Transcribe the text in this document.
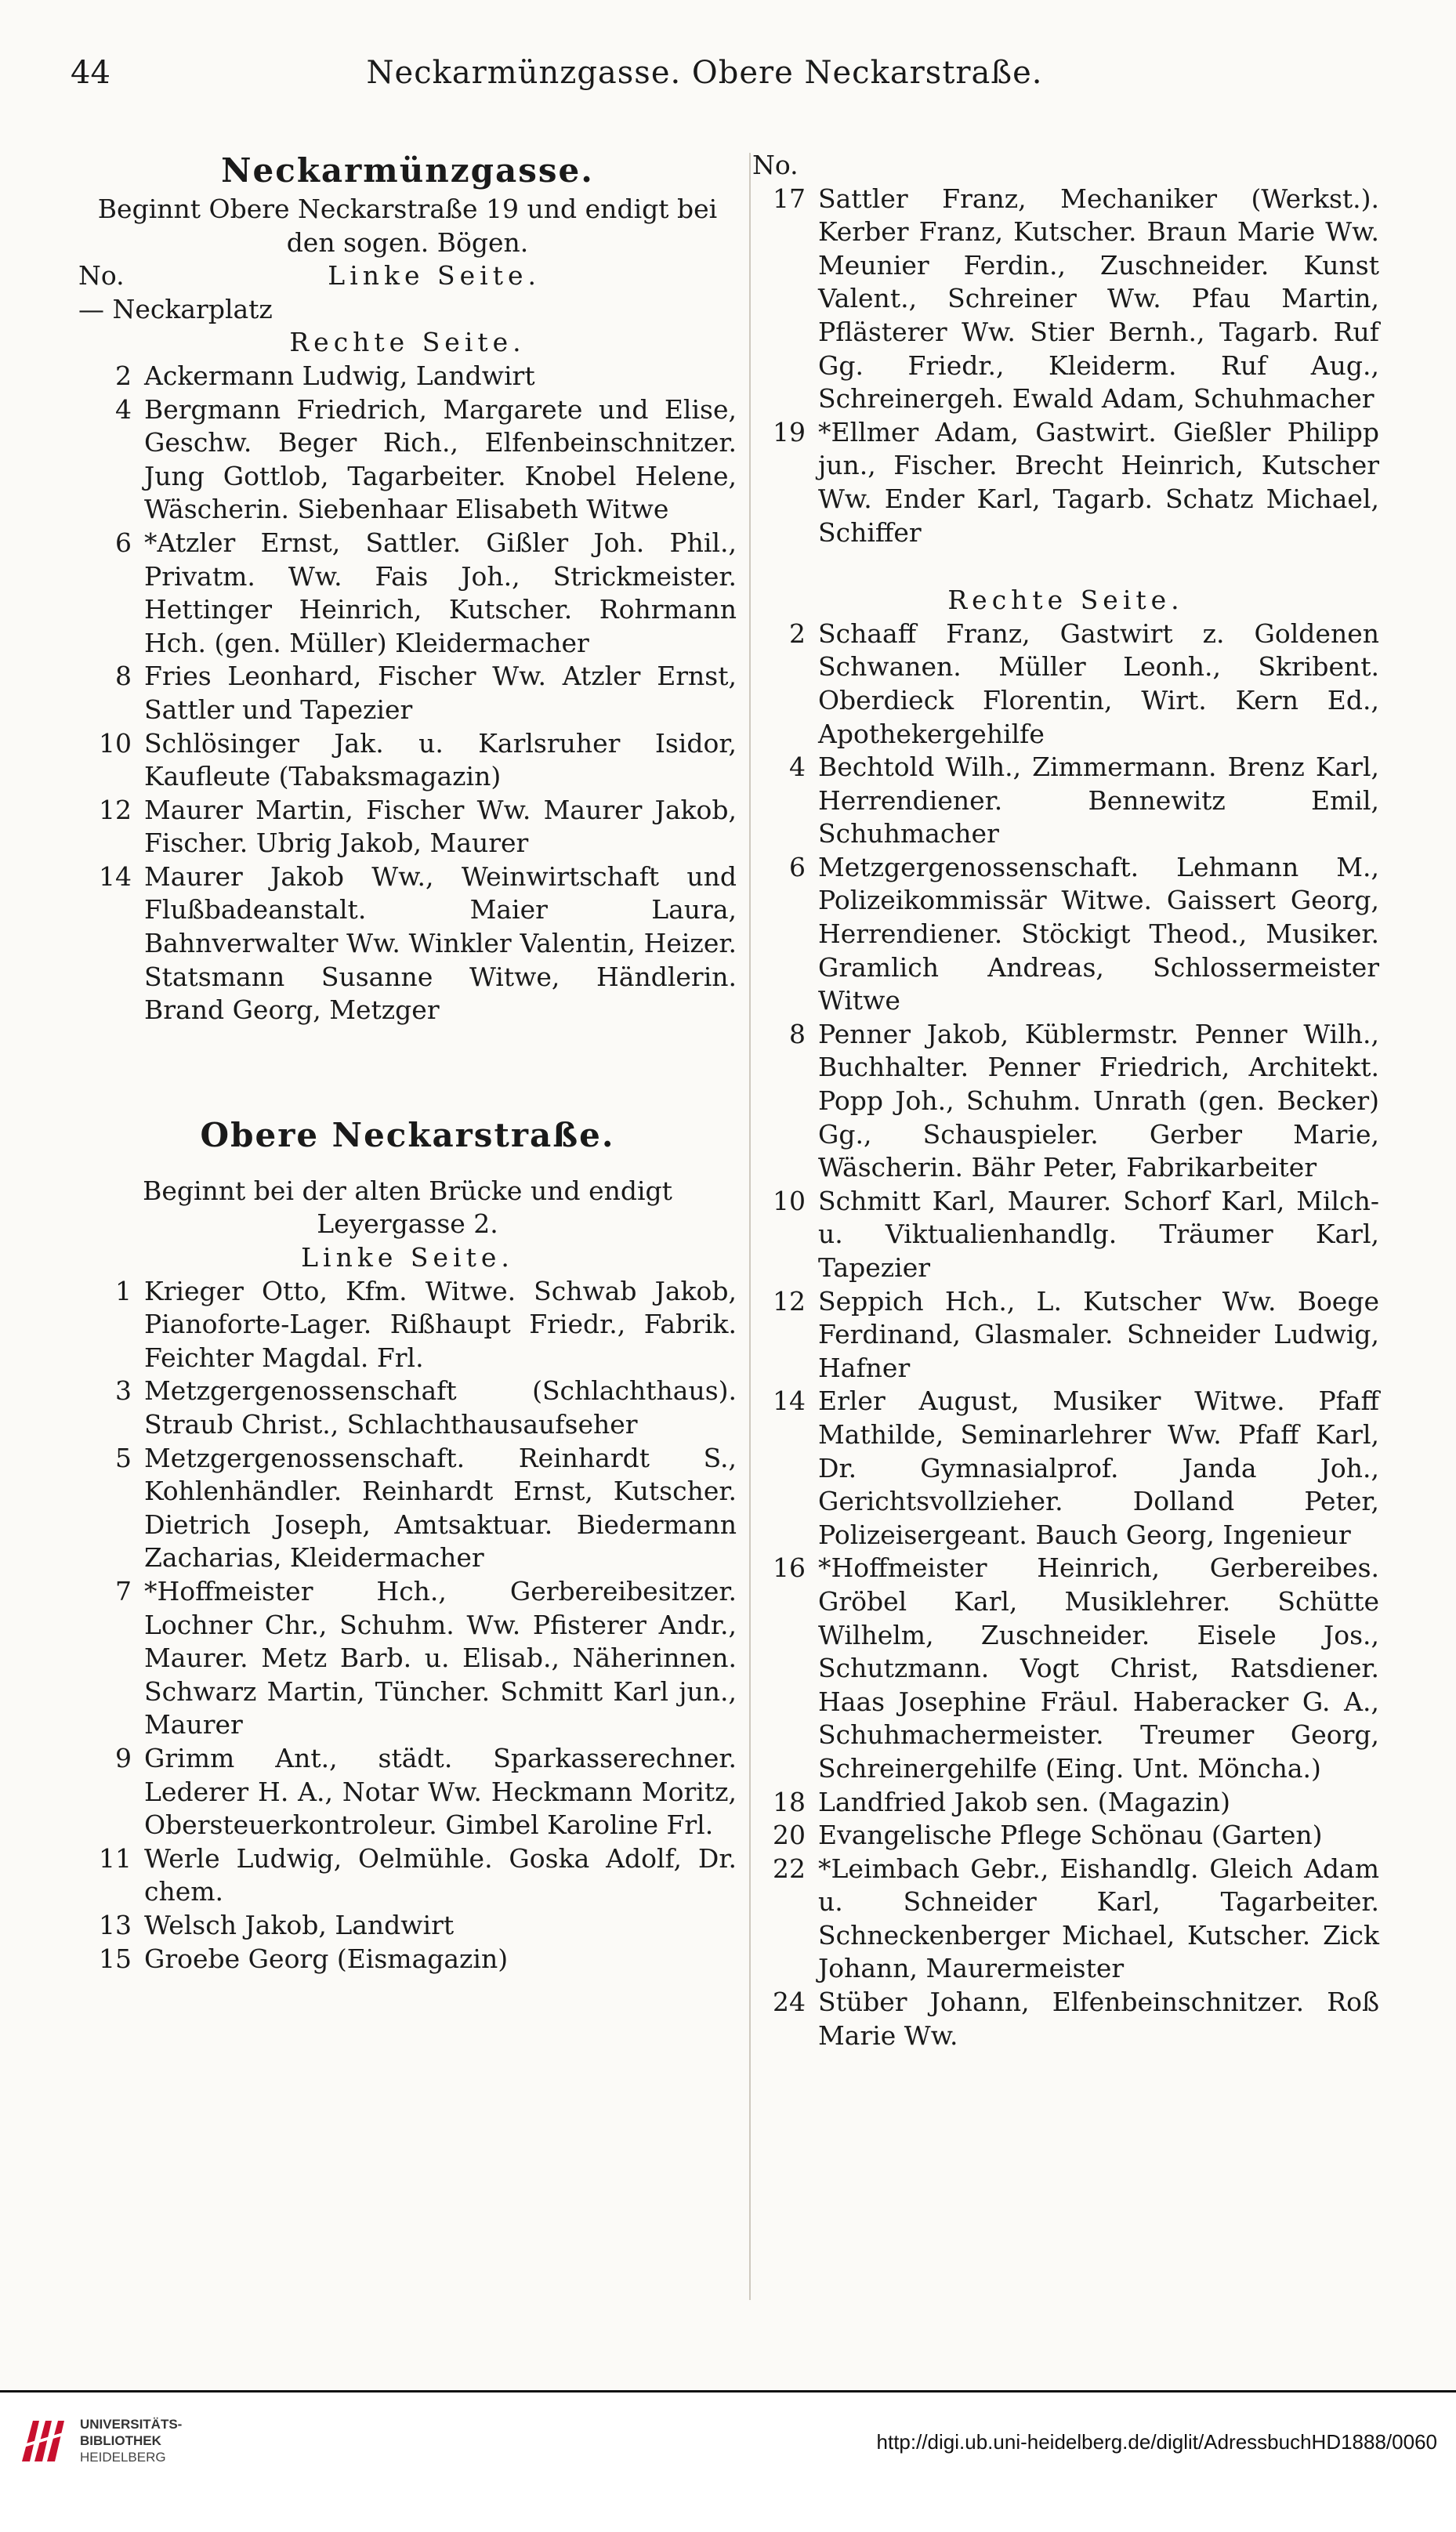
44	Neckarmünzgasse. Obere Neckarstraße.
Neckarmünzgasse.
Beginnt Obere Neckarstraße 19 und endigt bei den sogen. Bögen.
No.	Linke Seite.
— Neckarplatz
Rechte Seite.
2 Ackermann Ludwig, Landwirt
4 Bergmann Friedrich, Margarete und Elise, Geschw. Beger Rich., Elfenbeinschnitzer. Jung Gottlob, Tagarbeiter. Knobel Helene, Wäscherin. Siebenhaar Elisabeth Witwe
6 *Atzler Ernst, Sattler. Gißler Joh. Phil., Privatm. Ww. Fais Joh., Strickmeister. Hettinger Heinrich, Kutscher. Rohrmann Hch. (gen. Müller) Kleidermacher
8 Fries Leonhard, Fischer Ww. Atzler Ernst, Sattler und Tapezier
10 Schlösinger Jak. u. Karlsruher Isidor, Kaufleute (Tabaksmagazin)
12 Maurer Martin, Fischer Ww. Maurer Jakob, Fischer. Ubrig Jakob, Maurer
14 Maurer Jakob Ww., Weinwirtschaft und Flußbadeanstalt. Maier Laura, Bahnverwalter Ww. Winkler Valentin, Heizer. Statsmann Susanne Witwe, Händlerin. Brand Georg, Metzger
Obere Neckarstraße.
Beginnt bei der alten Brücke und endigt Leyergasse 2.
Linke Seite.
1 Krieger Otto, Kfm. Witwe. Schwab Jakob, Pianoforte-Lager. Rißhaupt Friedr., Fabrik. Feichter Magdal. Frl.
3 Metzgergenossenschaft (Schlachthaus). Straub Christ., Schlachthausaufseher
5 Metzgergenossenschaft. Reinhardt S., Kohlenhändler. Reinhardt Ernst, Kutscher. Dietrich Joseph, Amtsaktuar. Biedermann Zacharias, Kleidermacher
7 *Hoffmeister Hch., Gerbereibesitzer. Lochner Chr., Schuhm. Ww. Pfisterer Andr., Maurer. Metz Barb. u. Elisab., Näherinnen. Schwarz Martin, Tüncher. Schmitt Karl jun., Maurer
9 Grimm Ant., städt. Sparkasserechner. Lederer H. A., Notar Ww. Heckmann Moritz, Obersteuerkontroleur. Gimbel Karoline Frl.
11 Werle Ludwig, Oelmühle. Goska Adolf, Dr. chem.
13 Welsch Jakob, Landwirt
15 Groebe Georg (Eismagazin)
No.
17 Sattler Franz, Mechaniker (Werkst.). Kerber Franz, Kutscher. Braun Marie Ww. Meunier Ferdin., Zuschneider. Kunst Valent., Schreiner Ww. Pfau Martin, Pflästerer Ww. Stier Bernh., Tagarb. Ruf Gg. Friedr., Kleiderm. Ruf Aug., Schreinergeh. Ewald Adam, Schuhmacher
19 *Ellmer Adam, Gastwirt. Gießler Philipp jun., Fischer. Brecht Heinrich, Kutscher Ww. Ender Karl, Tagarb. Schatz Michael, Schiffer
Rechte Seite.
2 Schaaff Franz, Gastwirt z. Goldenen Schwanen. Müller Leonh., Skribent. Oberdieck Florentin, Wirt. Kern Ed., Apothekergehilfe
4 Bechtold Wilh., Zimmermann. Brenz Karl, Herrendiener. Bennewitz Emil, Schuhmacher
6 Metzgergenossenschaft. Lehmann M., Polizeikommissär Witwe. Gaissert Georg, Herrendiener. Stöckigt Theod., Musiker. Gramlich Andreas, Schlossermeister Witwe
8 Penner Jakob, Küblermstr. Penner Wilh., Buchhalter. Penner Friedrich, Architekt. Popp Joh., Schuhm. Unrath (gen. Becker) Gg., Schauspieler. Gerber Marie, Wäscherin. Bähr Peter, Fabrikarbeiter
10 Schmitt Karl, Maurer. Schorf Karl, Milch- u. Viktualienhandlg. Träumer Karl, Tapezier
12 Seppich Hch., L. Kutscher Ww. Boege Ferdinand, Glasmaler. Schneider Ludwig, Hafner
14 Erler August, Musiker Witwe. Pfaff Mathilde, Seminarlehrer Ww. Pfaff Karl, Dr. Gymnasialprof. Janda Joh., Gerichtsvollzieher. Dolland Peter, Polizeisergeant. Bauch Georg, Ingenieur
16 *Hoffmeister Heinrich, Gerbereibes. Gröbel Karl, Musiklehrer. Schütte Wilhelm, Zuschneider. Eisele Jos., Schutzmann. Vogt Christ, Ratsdiener. Haas Josephine Fräul. Haberacker G. A., Schuhmachermeister. Treumer Georg, Schreinergehilfe (Eing. Unt. Möncha.)
18 Landfried Jakob sen. (Magazin)
20 Evangelische Pflege Schönau (Garten)
22 *Leimbach Gebr., Eishandlg. Gleich Adam u. Schneider Karl, Tagarbeiter. Schneckenberger Michael, Kutscher. Zick Johann, Maurermeister
24 Stüber Johann, Elfenbeinschnitzer. Roß Marie Ww.
UNIVERSITÄTS-
BIBLIOTHEK
HEIDELBERG
http://digi.ub.uni-heidelberg.de/diglit/AdressbuchHD1888/0060
